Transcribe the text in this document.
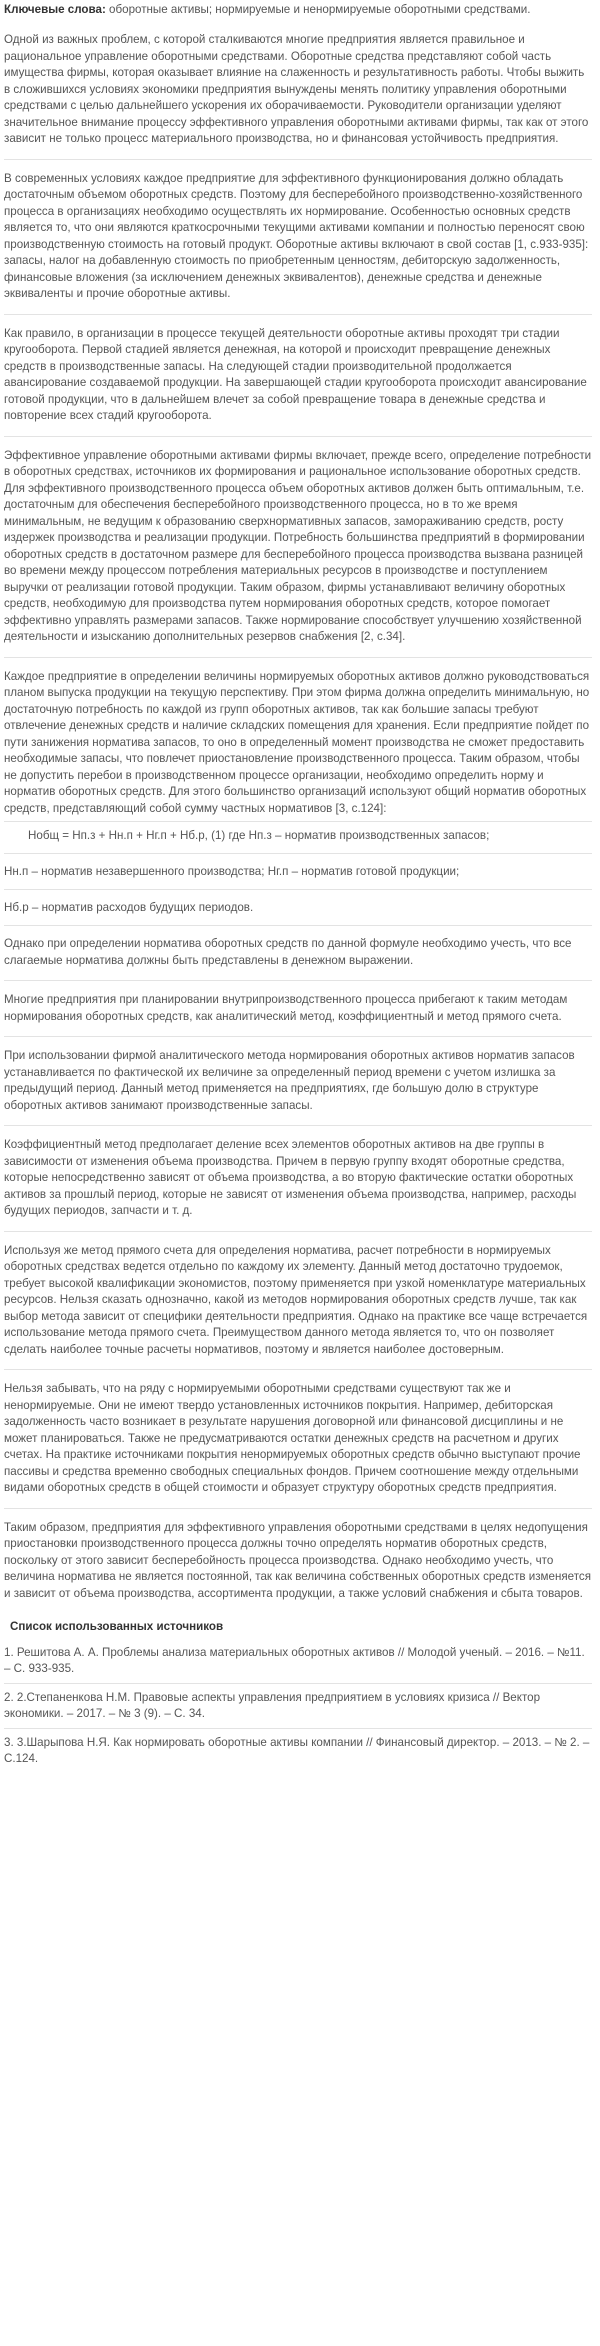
Ключевые слова: оборотные активы; нормируемые и ненормируемые оборотными средствами.

Одной из важных проблем, с которой сталкиваются многие предприятия является правильное и рациональное управление оборотными средствами. Оборотные средства представляют собой часть имущества фирмы, которая оказывает влияние на слаженность и результативность работы. Чтобы выжить в сложившихся условиях экономики предприятия вынуждены менять политику управления оборотными средствами с целью дальнейшего ускорения их оборачиваемости. Руководители организации уделяют значительное внимание процессу эффективного управления оборотными активами фирмы, так как от этого зависит не только процесс материального производства, но и финансовая устойчивость предприятия.

В современных условиях каждое предприятие для эффективного функционирования должно обладать достаточным объемом оборотных средств. Поэтому для бесперебойного производственно-хозяйственного процесса в организациях необходимо осуществлять их нормирование. Особенностью основных средств является то, что они являются краткосрочными текущими активами компании и полностью переносят свою производственную стоимость на готовый продукт. Оборотные активы включают в свой состав [1, с.933-935]: запасы, налог на добавленную стоимость по приобретенным ценностям, дебиторскую задолженность, финансовые вложения (за исключением денежных эквивалентов), денежные средства и денежные эквиваленты и прочие оборотные активы.

Как правило, в организации в процессе текущей деятельности оборотные активы проходят три стадии кругооборота. Первой стадией является денежная, на которой и происходит превращение денежных средств в производственные запасы. На следующей стадии производительной продолжается авансирование создаваемой продукции. На завершающей стадии кругооборота происходит авансирование готовой продукции, что в дальнейшем влечет за собой превращение товара в денежные средства и повторение всех стадий кругооборота.

Эффективное управление оборотными активами фирмы включает, прежде всего, определение потребности в оборотных средствах, источников их формирования и рациональное использование оборотных средств. Для эффективного производственного процесса объем оборотных активов должен быть оптимальным, т.е. достаточным для обеспечения бесперебойного производственного процесса, но в то же время минимальным, не ведущим к образованию сверхнормативных запасов, замораживанию средств, росту издержек производства и реализации продукции. Потребность большинства предприятий в формировании оборотных средств в достаточном размере для бесперебойного процесса производства вызвана разницей во времени между процессом потребления материальных ресурсов в производстве и поступлением выручки от реализации готовой продукции. Таким образом, фирмы устанавливают величину оборотных средств, необходимую для производства путем нормирования оборотных средств, которое помогает эффективно управлять размерами запасов. Также нормирование способствует улучшению хозяйственной деятельности и изысканию дополнительных резервов снабжения [2, с.34].

Каждое предприятие в определении величины нормируемых оборотных активов должно руководствоваться планом выпуска продукции на текущую перспективу. При этом фирма должна определить минимальную, но достаточную потребность по каждой из групп оборотных активов, так как большие запасы требуют отвлечение денежных средств и наличие складских помещения для хранения. Если предприятие пойдет по пути занижения норматива запасов, то оно в определенный момент производства не сможет предоставить необходимые запасы, что повлечет приостановление производственного процесса. Таким образом, чтобы не допустить перебои в производственном процессе организации, необходимо определить норму и норматив оборотных средств. Для этого большинство организаций используют общий норматив оборотных средств, представляющий собой сумму частных нормативов [3, с.124]:

Нобщ = Нп.з + Нн.п + Нг.п + Нб.р, (1) где Нп.з – норматив производственных запасов;

Нн.п – норматив незавершенного производства; Нг.п – норматив готовой продукции;

Нб.р – норматив расходов будущих периодов.

Однако при определении норматива оборотных средств по данной формуле необходимо учесть, что все слагаемые норматива должны быть представлены в денежном выражении.

Многие предприятия при планировании внутрипроизводственного процесса прибегают к таким методам нормирования оборотных средств, как аналитический метод, коэффициентный и метод прямого счета.

При использовании фирмой аналитического метода нормирования оборотных активов норматив запасов устанавливается по фактической их величине за определенный период времени с учетом излишка за предыдущий период. Данный метод применяется на предприятиях, где большую долю в структуре оборотных активов занимают производственные запасы.

Коэффициентный метод предполагает деление всех элементов оборотных активов на две группы в зависимости от изменения объема производства. Причем в первую группу входят оборотные средства, которые непосредственно зависят от объема производства, а во вторую фактические остатки оборотных активов за прошлый период, которые не зависят от изменения объема производства, например, расходы будущих периодов, запчасти и т. д.

Используя же метод прямого счета для определения норматива, расчет потребности в нормируемых оборотных средствах ведется отдельно по каждому их элементу. Данный метод достаточно трудоемок, требует высокой квалификации экономистов, поэтому применяется при узкой номенклатуре материальных ресурсов. Нельзя сказать однозначно, какой из методов нормирования оборотных средств лучше, так как выбор метода зависит от специфики деятельности предприятия. Однако на практике все чаще встречается использование метода прямого счета. Преимуществом данного метода является то, что он позволяет сделать наиболее точные расчеты нормативов, поэтому и является наиболее достоверным.

Нельзя забывать, что на ряду с нормируемыми оборотными средствами существуют так же и ненормируемые. Они не имеют твердо установленных источников покрытия. Например, дебиторская задолженность часто возникает в результате нарушения договорной или финансовой дисциплины и не может планироваться. Также не предусматриваются остатки денежных средств на расчетном и других счетах. На практике источниками покрытия ненормируемых оборотных средств обычно выступают прочие пассивы и средства временно свободных специальных фондов. Причем соотношение между отдельными видами оборотных средств в общей стоимости и образует структуру оборотных средств предприятия.

Таким образом, предприятия для эффективного управления оборотными средствами в целях недопущения приостановки производственного процесса должны точно определять норматив оборотных средств, поскольку от этого зависит бесперебойность процесса производства. Однако необходимо учесть, что величина норматива не является постоянной, так как величина собственных оборотных средств изменяется и зависит от объема производства, ассортимента продукции, а также условий снабжения и сбыта товаров.

Список использованных источников

1. Решитова А. А. Проблемы анализа материальных оборотных активов // Молодой ученый. – 2016. – №11. – С. 933-935.

2. 2.Степаненкова Н.М. Правовые аспекты управления предприятием в условиях кризиса // Вектор экономики. – 2017. – № 3 (9). – С. 34.

3. 3.Шарыпова Н.Я. Как нормировать оборотные активы компании // Финансовый директор. – 2013. – № 2. – С.124.
